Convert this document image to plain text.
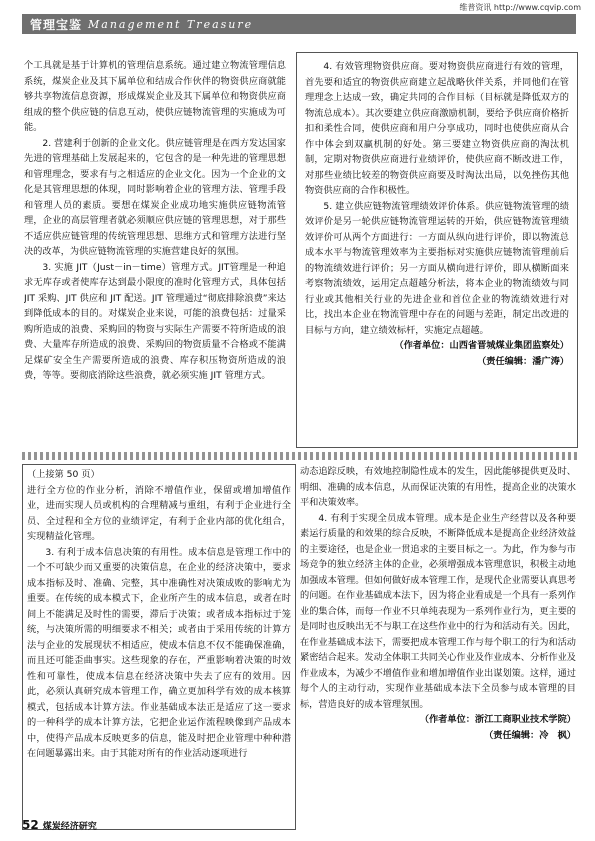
维普资讯 http://www.cqvip.com
管理宝鉴 Management Treasure

个工具就是基于计算机的管理信息系统。通过建立物流管理信息系统，煤炭企业及其下属单位和结成合作伙伴的物资供应商就能够共享物流信息资源，形成煤炭企业及其下属单位和物资供应商组成的整个供应链的信息互动，使供应链物流管理的实施成为可能。

2. 营建利于创新的企业文化。供应链管理是在西方发达国家先进的管理基础上发展起来的，它包含的是一种先进的管理思想和管理理念，要求有与之相适应的企业文化。因为一个企业的文化是其管理思想的体现，同时影响着企业的管理方法、管理手段和管理人员的素质。要想在煤炭企业成功地实施供应链物流管理，企业的高层管理者就必须顺应供应链的管理思想，对于那些不适应供应链管理的传统管理思想、思维方式和管理方法进行坚决的改革，为供应链物流管理的实施营建良好的氛围。

3. 实施 JIT（Just－in－time）管理方式。JIT管理是一种追求无库存或者使库存达到最小限度的准时化管理方式，具体包括 JIT 采购、JIT 供应和 JIT 配送。JIT 管理通过“彻底排除浪费”来达到降低成本的目的。对煤炭企业来说，可能的浪费包括：过量采购所造成的浪费、采购回的物资与实际生产需要不符所造成的浪费、大量库存所造成的浪费、采购回的物资质量不合格或不能满足煤矿安全生产需要所造成的浪费、库存积压物资所造成的浪费，等等。要彻底消除这些浪费，就必须实施 JIT 管理方式。

4. 有效管理物资供应商。要对物资供应商进行有效的管理，首先要和适宜的物资供应商建立起战略伙伴关系，并同他们在管理理念上达成一致，确定共同的合作目标（目标就是降低双方的物流总成本）。其次要建立供应商激励机制，要给予供应商价格折扣和柔性合同，使供应商和用户分享成功，同时也使供应商从合作中体会到双赢机制的好处。第三要建立物资供应商的淘汰机制，定期对物资供应商进行业绩评价，使供应商不断改进工作，对那些业绩比较差的物资供应商要及时淘汰出局，以免挫伤其他物资供应商的合作积极性。

5. 建立供应链物流管理绩效评价体系。供应链物流管理的绩效评价是另一轮供应链物流管理运转的开始，供应链物流管理绩效评价可从两个方面进行：一方面从纵向进行评价，即以物流总成本水平与物流管理效率为主要指标对实施供应链物流管理前后的物流绩效进行评价；另一方面从横向进行评价，即从横断面来考察物流绩效，运用定点超越分析法，将本企业的物流绩效与同行业或其他相关行业的先进企业和首位企业的物流绩效进行对比，找出本企业在物流管理中存在的问题与差距，制定出改进的目标与方向，建立绩效标杆，实施定点超越。

（作者单位：山西省晋城煤业集团监察处）

（责任编辑：潘广涛）

（上接第 50 页）

进行全方位的作业分析，消除不增值作业，保留或增加增值作业，进而实现人员或机构的合理精减与重组，有利于企业进行全员、全过程和全方位的业绩评定，有利于企业内部的优化组合，实现精益化管理。

3. 有利于成本信息决策的有用性。成本信息是管理工作中的一个不可缺少而又重要的决策信息，在企业的经济决策中，要求成本指标及时、准确、完整，其中准确性对决策成败的影响尤为重要。在传统的成本模式下，企业所产生的成本信息，或者在时间上不能满足及时性的需要，滞后于决策；或者成本指标过于笼统，与决策所需的明细要求不相关；或者由于采用传统的计算方法与企业的发展现状不相适应，使成本信息不仅不能确保准确，而且还可能歪曲事实。这些现象的存在，严重影响着决策的时效性和可靠性，使成本信息在经济决策中失去了应有的效用。因此，必须认真研究成本管理工作，确立更加科学有效的成本核算模式，包括成本计算方法。作业基础成本法正是适应了这一要求的一种科学的成本计算方法，它把企业运作流程映像到产品成本中，使得产品成本反映更多的信息，能及时把企业管理中种种潜在问题暴露出来。由于其能对所有的作业活动逐项进行

动态追踪反映，有效地控制隐性成本的发生，因此能够提供更及时、明细、准确的成本信息，从而保证决策的有用性，提高企业的决策水平和决策效率。

4. 有利于实现全员成本管理。成本是企业生产经营以及各种要素运行质量的和效果的综合反映，不断降低成本是提高企业经济效益的主要途径，也是企业一贯追求的主要目标之一。为此，作为参与市场竞争的独立经济主体的企业，必须增强成本管理意识，积极主动地加强成本管理。但如何做好成本管理工作，是现代企业需要认真思考的问题。在作业基础成本法下，因为将企业看成是一个具有一系列作业的集合体，而每一作业不只单纯表现为一系列作业行为，更主要的是同时也反映出无不与职工在这些作业中的行为和活动有关。因此，在作业基础成本法下，需要把成本管理工作与每个职工的行为和活动紧密结合起来。发动全体职工共同关心作业及作业成本、分析作业及作业成本，为减少不增值作业和增加增值作业出谋划策。这样，通过每个人的主动行动，实现作业基础成本法下全员参与成本管理的目标，营造良好的成本管理氛围。

（作者单位：浙江工商职业技术学院）

（责任编辑：冷　枫）

52 煤炭经济研究
